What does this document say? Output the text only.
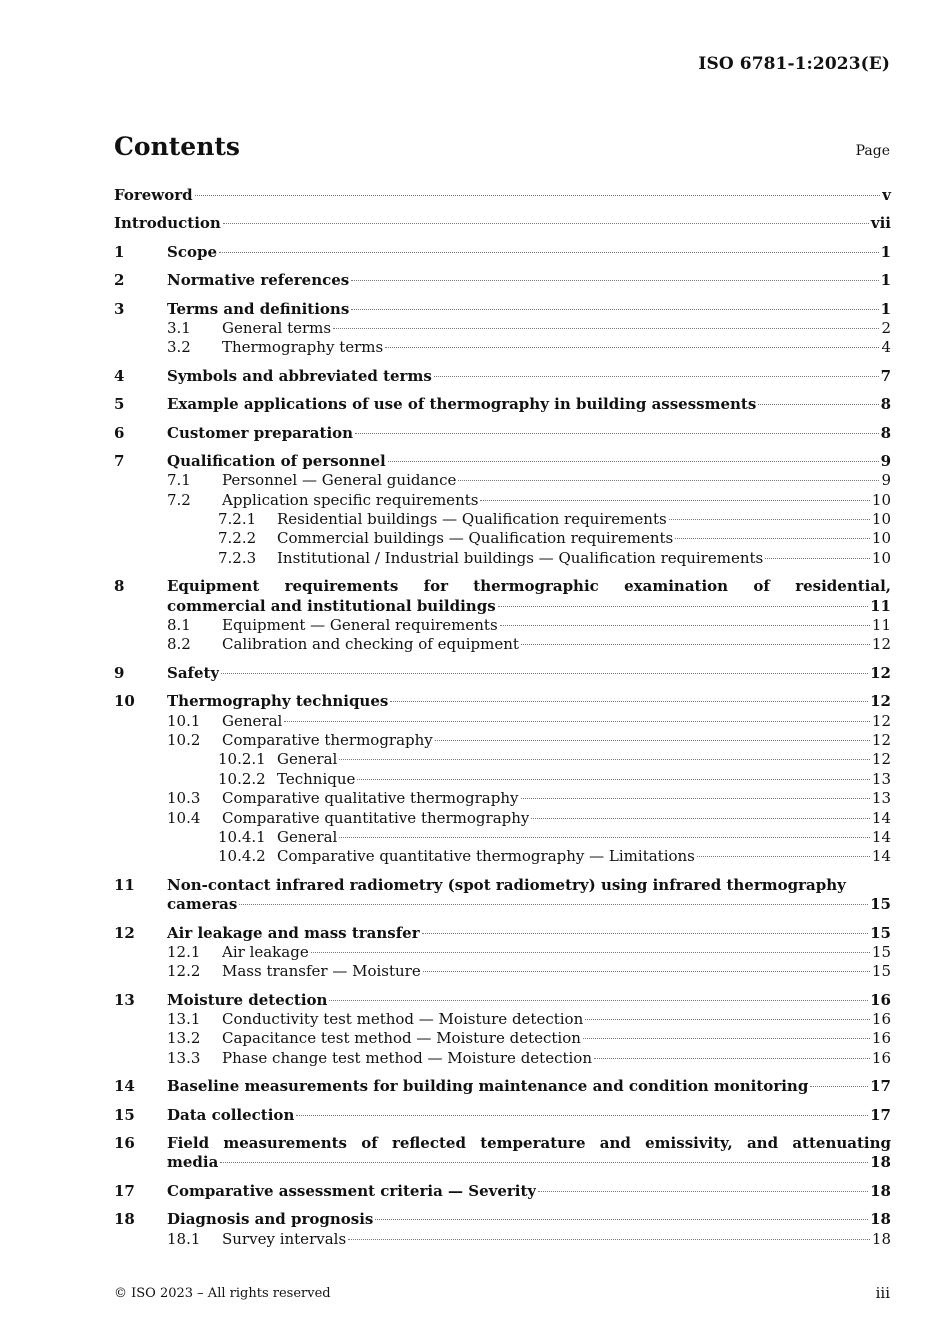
ISO 6781-1:2023(E)
Contents	Page
Foreword	v
Introduction	vii
1	Scope	1
2	Normative references	1
3	Terms and definitions	1
3.1	General terms	2
3.2	Thermography terms	4
4	Symbols and abbreviated terms	7
5	Example applications of use of thermography in building assessments	8
6	Customer preparation	8
7	Qualification of personnel	9
7.1	Personnel — General guidance	9
7.2	Application specific requirements	10
7.2.1	Residential buildings — Qualification requirements	10
7.2.2	Commercial buildings — Qualification requirements	10
7.2.3	Institutional / Industrial buildings — Qualification requirements	10
8	Equipment requirements for thermographic examination of residential,
commercial and institutional buildings	11
8.1	Equipment — General requirements	11
8.2	Calibration and checking of equipment	12
9	Safety	12
10	Thermography techniques	12
10.1	General	12
10.2	Comparative thermography	12
10.2.1 General	12
10.2.2 Technique	13
10.3	Comparative qualitative thermography	13
10.4	Comparative quantitative thermography	14
10.4.1 General	14
10.4.2 Comparative quantitative thermography — Limitations	14
11	Non-contact infrared radiometry (spot radiometry) using infrared thermography
cameras	15
12	Air leakage and mass transfer	15
12.1	Air leakage	15
12.2	Mass transfer — Moisture	15
13	Moisture detection	16
13.1	Conductivity test method — Moisture detection	16
13.2	Capacitance test method — Moisture detection	16
13.3	Phase change test method — Moisture detection	16
14	Baseline measurements for building maintenance and condition monitoring	17
15	Data collection	17
16	Field measurements of reflected temperature and emissivity, and attenuating
media	18
17	Comparative assessment criteria — Severity	18
18	Diagnosis and prognosis	18
18.1	Survey intervals	18
© ISO 2023 – All rights reserved	iii
